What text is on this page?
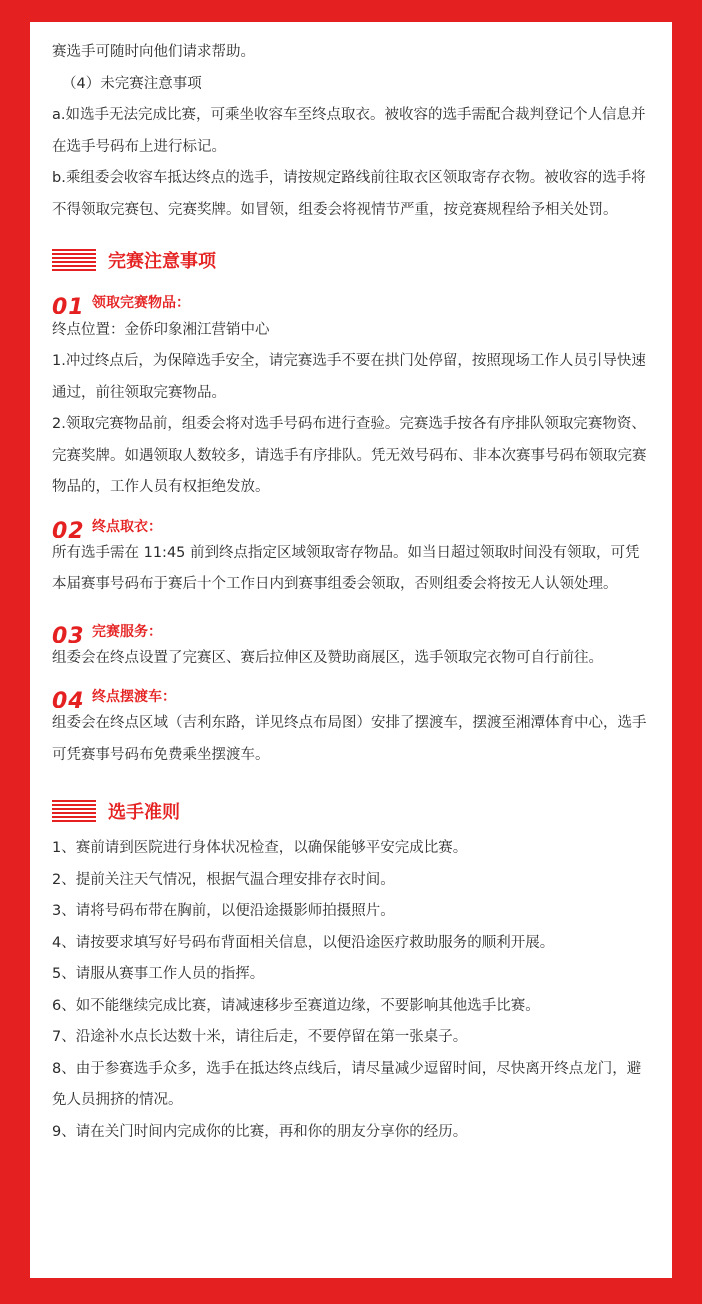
赛选手可随时向他们请求帮助。

（4）未完赛注意事项

a.如选手无法完成比赛，可乘坐收容车至终点取衣。被收容的选手需配合裁判登记个人信息并在选手号码布上进行标记。

b.乘组委会收容车抵达终点的选手，请按规定路线前往取衣区领取寄存衣物。被收容的选手将不得领取完赛包、完赛奖牌。如冒领，组委会将视情节严重，按竞赛规程给予相关处罚。

完赛注意事项
01 领取完赛物品：

终点位置：金侨印象湘江营销中心

1.冲过终点后，为保障选手安全，请完赛选手不要在拱门处停留，按照现场工作人员引导快速通过，前往领取完赛物品。

2.领取完赛物品前，组委会将对选手号码布进行查验。完赛选手按各有序排队领取完赛物资、完赛奖牌。如遇领取人数较多，请选手有序排队。凭无效号码布、非本次赛事号码布领取完赛物品的，工作人员有权拒绝发放。

02 终点取衣：

所有选手需在 11:45 前到终点指定区域领取寄存物品。如当日超过领取时间没有领取，可凭本届赛事号码布于赛后十个工作日内到赛事组委会领取，否则组委会将按无人认领处理。

03 完赛服务：

组委会在终点设置了完赛区、赛后拉伸区及赞助商展区，选手领取完衣物可自行前往。

04 终点摆渡车：

组委会在终点区域（吉利东路，详见终点布局图）安排了摆渡车，摆渡至湘潭体育中心，选手可凭赛事号码布免费乘坐摆渡车。

选手准则

1、赛前请到医院进行身体状况检查，以确保能够平安完成比赛。

2、提前关注天气情况，根据气温合理安排存衣时间。

3、请将号码布带在胸前，以便沿途摄影师拍摄照片。

4、请按要求填写好号码布背面相关信息，以便沿途医疗救助服务的顺利开展。

5、请服从赛事工作人员的指挥。

6、如不能继续完成比赛，请减速移步至赛道边缘，不要影响其他选手比赛。

7、沿途补水点长达数十米，请往后走，不要停留在第一张桌子。

8、由于参赛选手众多，选手在抵达终点线后，请尽量减少逗留时间，尽快离开终点龙门，避免人员拥挤的情况。

9、请在关门时间内完成你的比赛，再和你的朋友分享你的经历。
